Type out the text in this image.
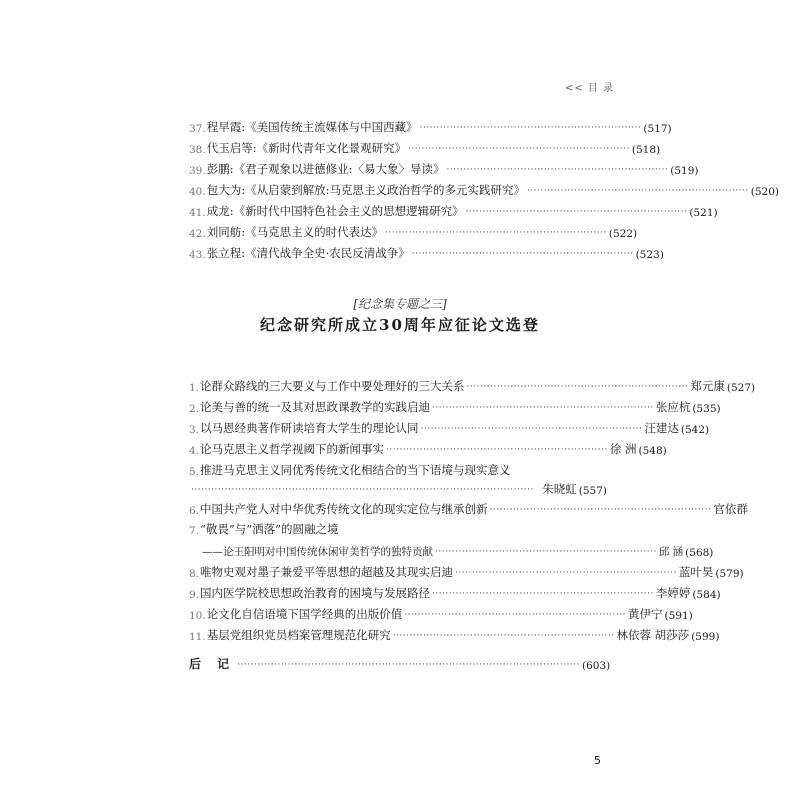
<< 目 录
37. 程早霞:《美国传统主流媒体与中国西藏》 ·································································· (517)
38. 代玉启等:《新时代青年文化景观研究》 ·································································· (518)
39. 彭鹏:《君子观象以进德修业:〈易大象〉导读》 ·································································· (519)
40. 包大为:《从启蒙到解放:马克思主义政治哲学的多元实践研究》 ·································································· (520)
41. 成龙:《新时代中国特色社会主义的思想逻辑研究》 ·································································· (521)
42. 刘同舫:《马克思主义的时代表达》 ·································································· (522)
43. 张立程:《清代战争全史·农民反清战争》 ·································································· (523)
[纪念集专题之三]
纪念研究所成立30周年应征论文选登
1. 论群众路线的三大要义与工作中要处理好的三大关系 ·································································· 郑元康 (527)
2. 论美与善的统一及其对思政课教学的实践启迪 ·································································· 张应杭 (535)
3. 以马恩经典著作研读培育大学生的理论认同 ·································································· 汪建达 (542)
4. 论马克思主义哲学视阈下的新闻事实 ·································································· 徐 洲 (548)
5. 推进马克思主义同优秀传统文化相结合的当下语境与现实意义
······································································································ 朱晓虹 (557)
6. 中国共产党人对中华优秀传统文化的现实定位与继承创新 ·································································· 官依群
7. “敬畏”与“洒落”的圆融之境
——论王阳明对中国传统休闲审美哲学的独特贡献 ·································································· 邱 涵 (568)
8. 唯物史观对墨子兼爱平等思想的超越及其现实启迪 ·································································· 蓝叶昊 (579)
9. 国内医学院校思想政治教育的困境与发展路径 ·································································· 李婷婷 (584)
10. 论文化自信语境下国学经典的出版价值 ·································································· 黄伊宁 (591)
11. 基层党组织党员档案管理规范化研究 ·································································· 林依蓉 胡莎莎 (599)
后 记 ······································································································ (603)
5
